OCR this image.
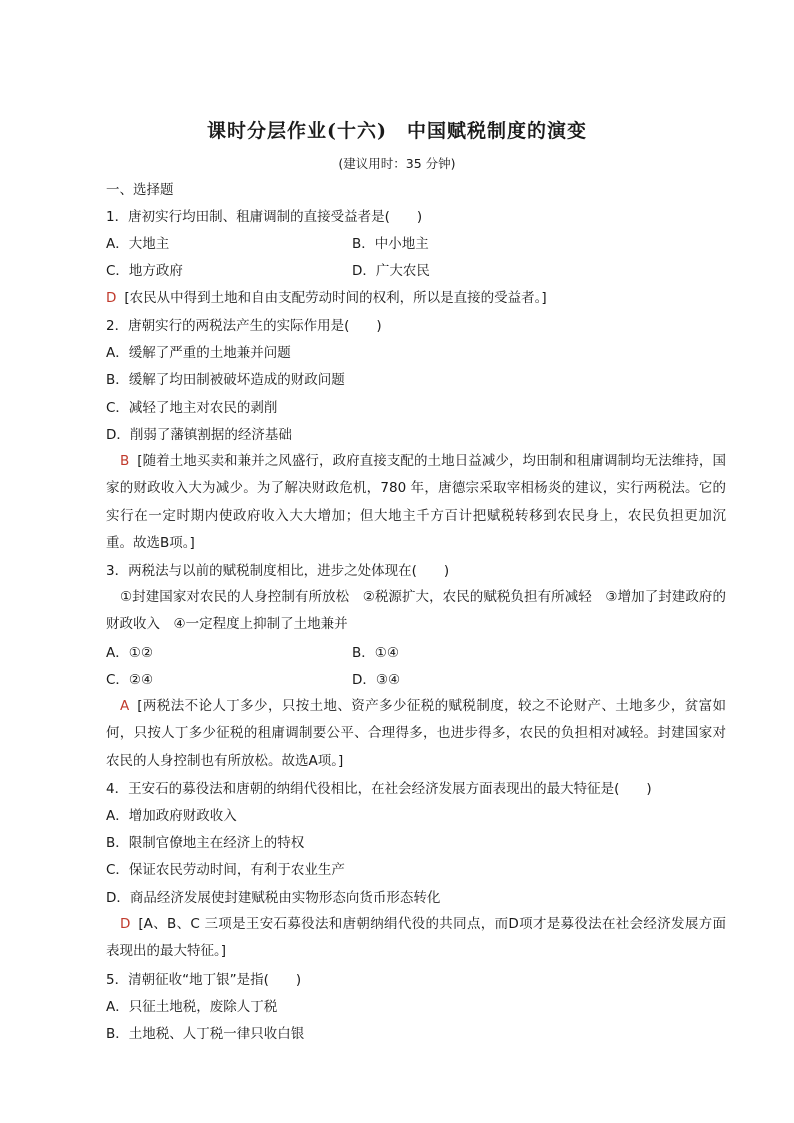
课时分层作业(十六)　中国赋税制度的演变
(建议用时：35 分钟)
一、选择题
1．唐初实行均田制、租庸调制的直接受益者是(　　)
A．大地主	B．中小地主
C．地方政府	D．广大农民
D [农民从中得到土地和自由支配劳动时间的权利，所以是直接的受益者。]
2．唐朝实行的两税法产生的实际作用是(　　)
A．缓解了严重的土地兼并问题
B．缓解了均田制被破坏造成的财政问题
C．减轻了地主对农民的剥削
D．削弱了藩镇割据的经济基础
B [随着土地买卖和兼并之风盛行，政府直接支配的土地日益减少，均田制和租庸调制均无法维持，国家的财政收入大为减少。为了解决财政危机，780 年，唐德宗采取宰相杨炎的建议，实行两税法。它的实行在一定时期内使政府收入大大增加；但大地主千方百计把赋税转移到农民身上，农民负担更加沉重。故选B项。]
3．两税法与以前的赋税制度相比，进步之处体现在(　　)
①封建国家对农民的人身控制有所放松　②税源扩大，农民的赋税负担有所减轻　③增加了封建政府的财政收入　④一定程度上抑制了土地兼并
A．①②	B．①④
C．②④	D．③④
A [两税法不论人丁多少，只按土地、资产多少征税的赋税制度，较之不论财产、土地多少，贫富如何，只按人丁多少征税的租庸调制要公平、合理得多，也进步得多，农民的负担相对减轻。封建国家对农民的人身控制也有所放松。故选A项。]
4．王安石的募役法和唐朝的纳绢代役相比，在社会经济发展方面表现出的最大特征是(　　)
A．增加政府财政收入
B．限制官僚地主在经济上的特权
C．保证农民劳动时间，有利于农业生产
D．商品经济发展使封建赋税由实物形态向货币形态转化
D [A、B、C 三项是王安石募役法和唐朝纳绢代役的共同点，而D项才是募役法在社会经济发展方面表现出的最大特征。]
5．清朝征收“地丁银”是指(　　)
A．只征土地税，废除人丁税
B．土地税、人丁税一律只收白银
